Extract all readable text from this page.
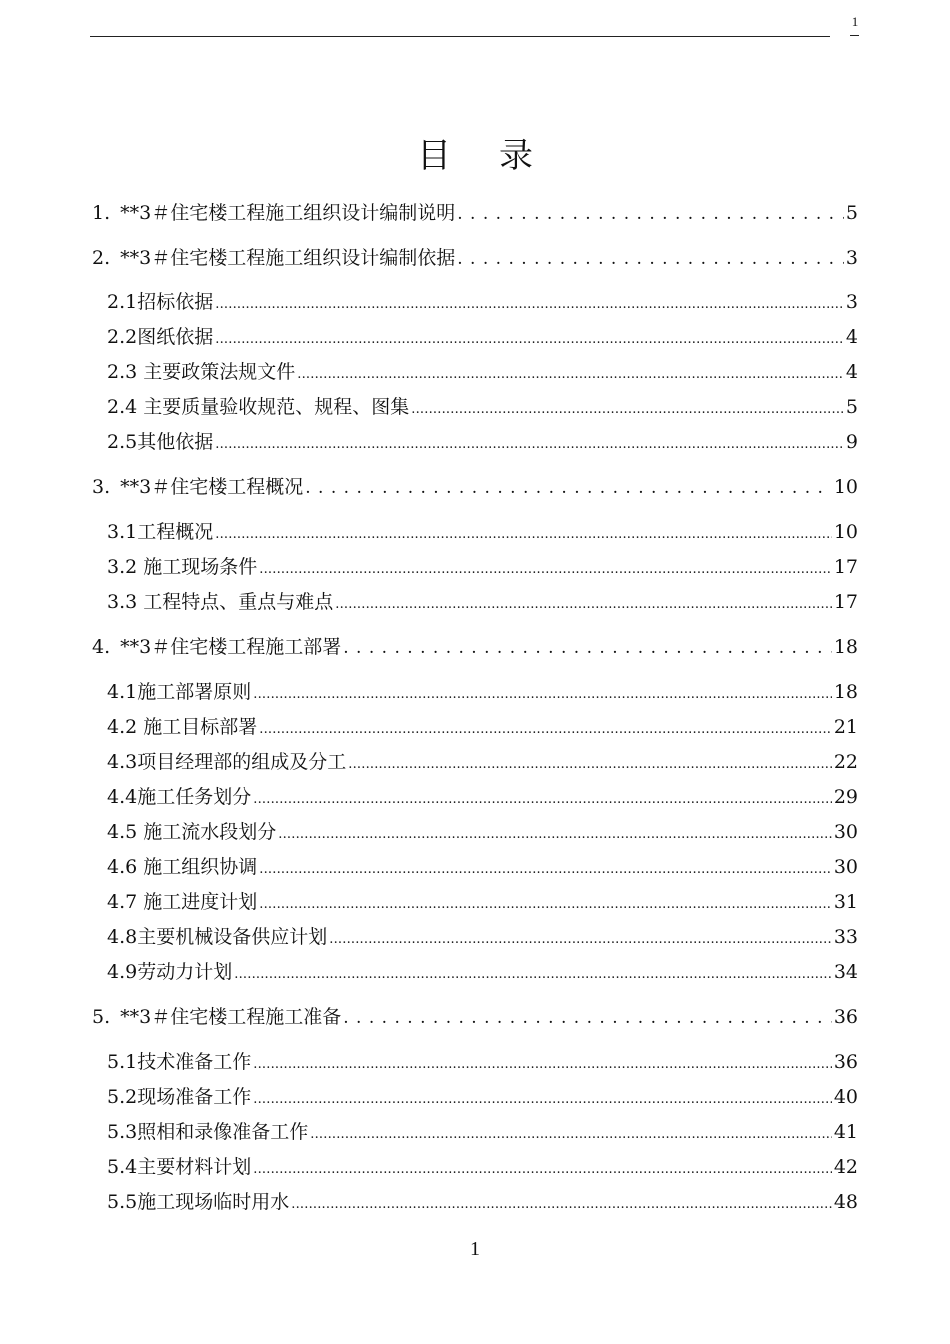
1
目录
1. **3＃住宅楼工程施工组织设计编制说明 . . .	5
2. **3＃住宅楼工程施工组织设计编制依据 . . .	3
2.1招标依据 .....	3
2.2图纸依据 .....	4
2.3 主要政策法规文件 .....	4
2.4 主要质量验收规范、规程、图集 .....	5
2.5其他依据 .....	9
3. **3＃住宅楼工程概况 . . .	10
3.1工程概况 .....	10
3.2 施工现场条件 .....	17
3.3 工程特点、重点与难点 .....	17
4. **3＃住宅楼工程施工部署 . . .	18
4.1施工部署原则 .....	18
4.2 施工目标部署 .....	21
4.3项目经理部的组成及分工 .....	22
4.4施工任务划分 .....	29
4.5 施工流水段划分 .....	30
4.6 施工组织协调 .....	30
4.7 施工进度计划 .....	31
4.8主要机械设备供应计划 .....	33
4.9劳动力计划 .....	34
5. **3＃住宅楼工程施工准备 . . .	36
5.1技术准备工作 .....	36
5.2现场准备工作 .....	40
5.3照相和录像准备工作 .....	41
5.4主要材料计划 .....	42
5.5施工现场临时用水 .....	48
1
